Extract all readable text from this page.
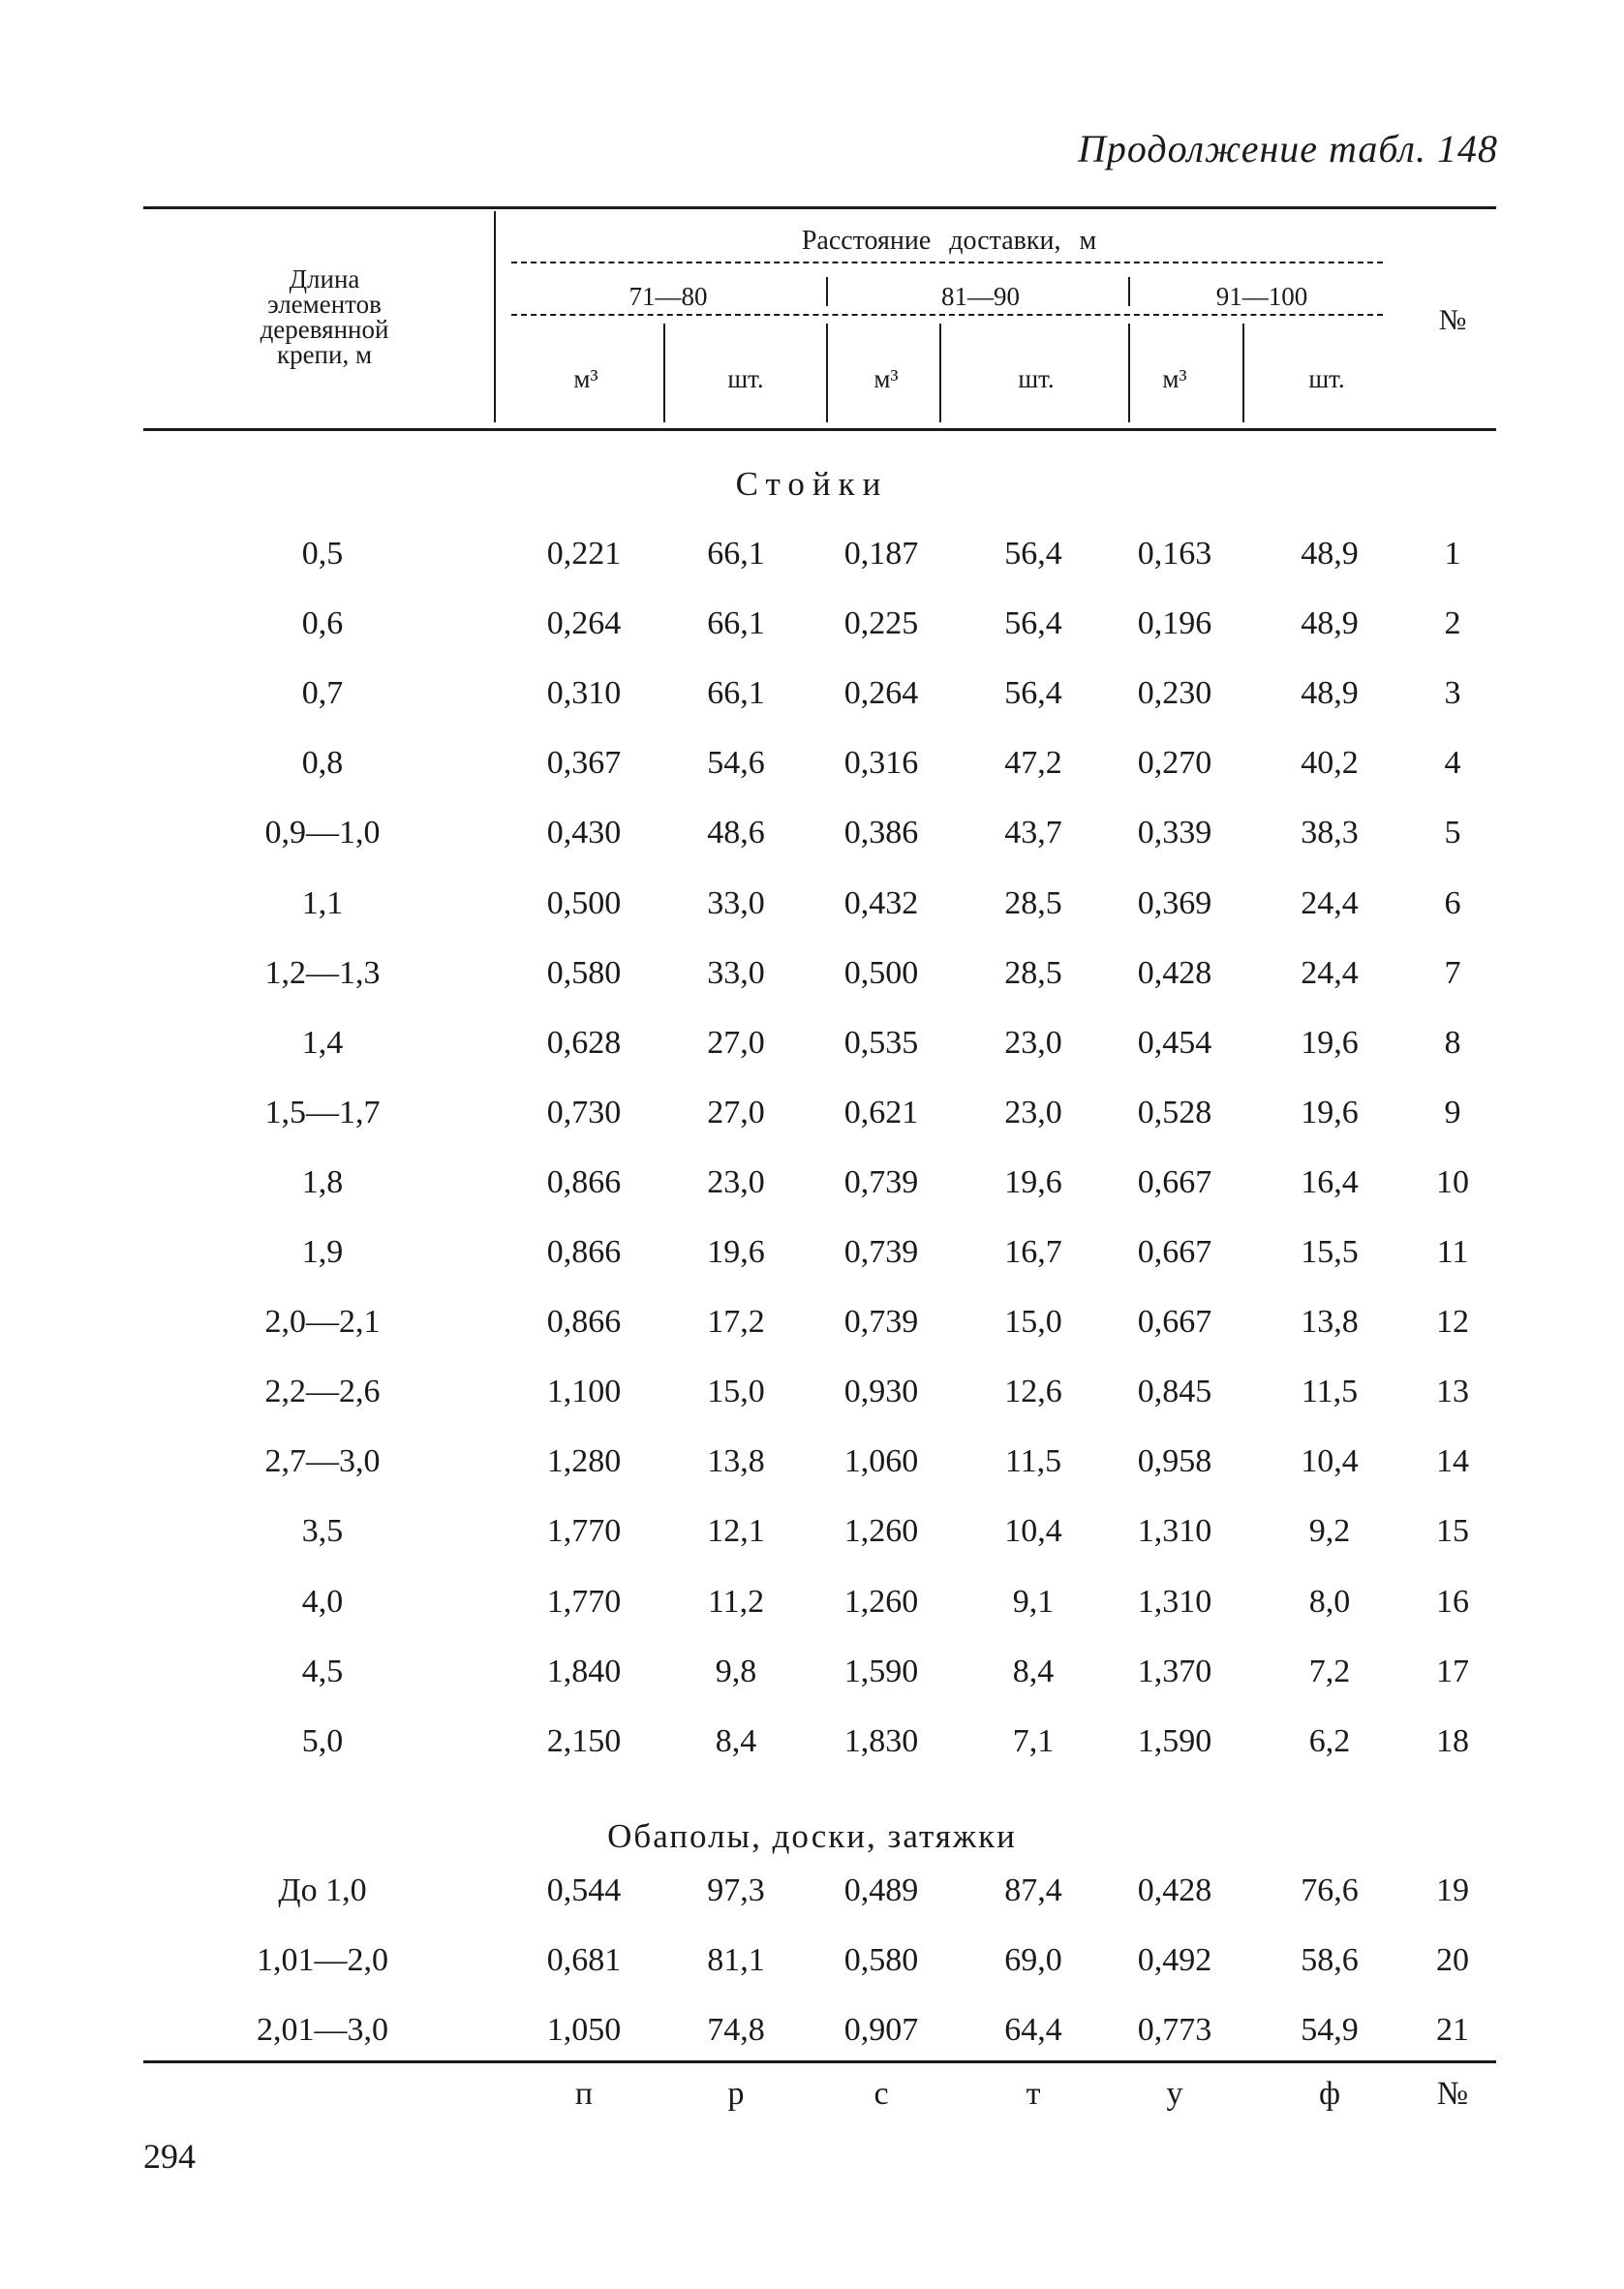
Продолжение табл. 148
Длина
элементов
деревянной
крепи, м
Расстояние доставки, м
71—80	81—90	91—100
м³	шт.	м³	шт.	м³	шт.
№
Стойки
0,5	0,221	66,1	0,187	56,4	0,163	48,9	1
0,6	0,264	66,1	0,225	56,4	0,196	48,9	2
0,7	0,310	66,1	0,264	56,4	0,230	48,9	3
0,8	0,367	54,6	0,316	47,2	0,270	40,2	4
0,9—1,0	0,430	48,6	0,386	43,7	0,339	38,3	5
1,1	0,500	33,0	0,432	28,5	0,369	24,4	6
1,2—1,3	0,580	33,0	0,500	28,5	0,428	24,4	7
1,4	0,628	27,0	0,535	23,0	0,454	19,6	8
1,5—1,7	0,730	27,0	0,621	23,0	0,528	19,6	9
1,8	0,866	23,0	0,739	19,6	0,667	16,4	10
1,9	0,866	19,6	0,739	16,7	0,667	15,5	11
2,0—2,1	0,866	17,2	0,739	15,0	0,667	13,8	12
2,2—2,6	1,100	15,0	0,930	12,6	0,845	11,5	13
2,7—3,0	1,280	13,8	1,060	11,5	0,958	10,4	14
3,5	1,770	12,1	1,260	10,4	1,310	9,2	15
4,0	1,770	11,2	1,260	9,1	1,310	8,0	16
4,5	1,840	9,8	1,590	8,4	1,370	7,2	17
5,0	2,150	8,4	1,830	7,1	1,590	6,2	18
Обаполы, доски, затяжки
До 1,0	0,544	97,3	0,489	87,4	0,428	76,6	19
1,01—2,0	0,681	81,1	0,580	69,0	0,492	58,6	20
2,01—3,0	1,050	74,8	0,907	64,4	0,773	54,9	21
п	р	с	т	у	ф	№
294
